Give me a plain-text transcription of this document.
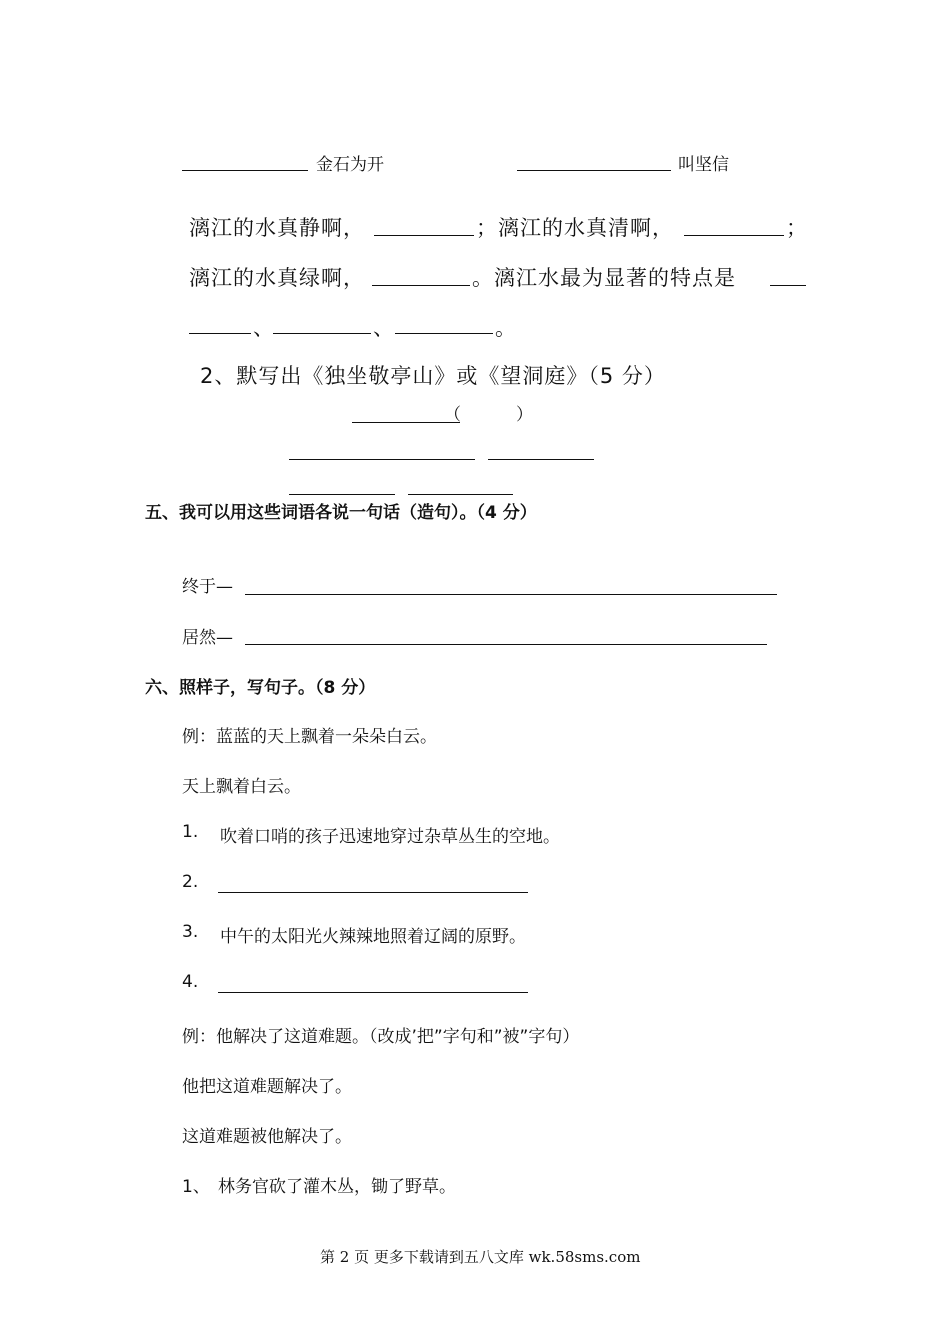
金石为开	叫坚信
漓江的水真静啊，	； 漓江的水真清啊，	；
漓江的水真绿啊，	。漓江水最为显著的特点是
、	、	。
2、默写出《独坐敬亭山》或《望洞庭》（5 分）
（	）
五、我可以用这些词语各说一句话（造句）。（4 分）
终于—
居然—
六、照样子，写句子。（8 分）
例：蓝蓝的天上飘着一朵朵白云。
天上飘着白云。
1. 吹着口哨的孩子迅速地穿过杂草丛生的空地。
2.
3. 中午的太阳光火辣辣地照着辽阔的原野。
4.
例：他解决了这道难题。（改成’把”字句和”被”字句）
他把这道难题解决了。
这道难题被他解决了。
1、 林务官砍了灌木丛，锄了野草。
第 2 页 更多下载请到五八文库 wk.58sms.com
